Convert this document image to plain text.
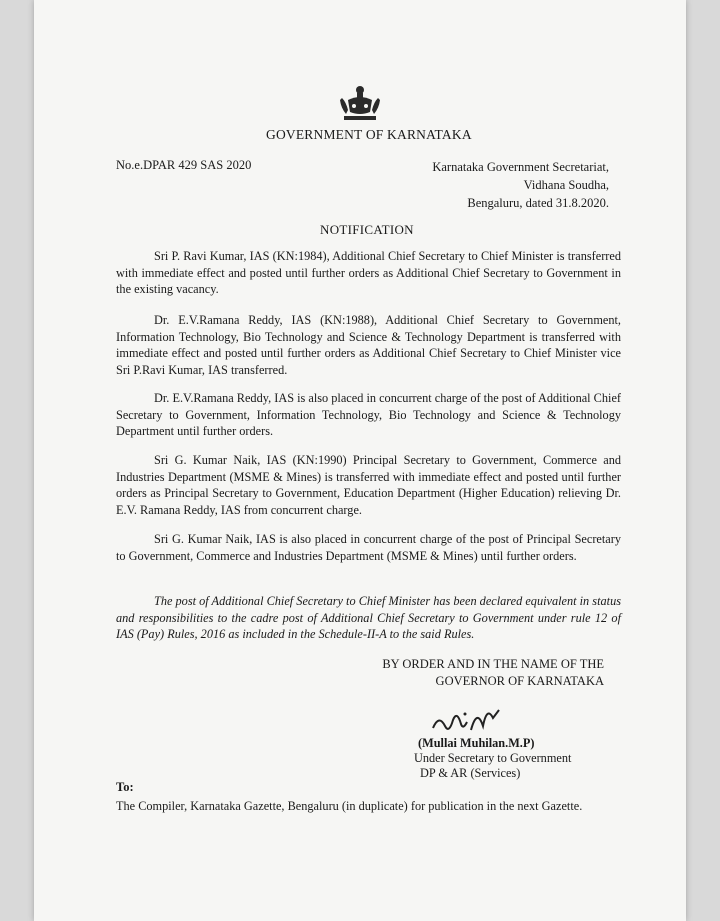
GOVERNMENT OF KARNATAKA
No.e.DPAR 429 SAS 2020	Karnataka Government Secretariat,
Vidhana Soudha,
Bengaluru, dated 31.8.2020.
NOTIFICATION
Sri P. Ravi Kumar, IAS (KN:1984), Additional Chief Secretary to Chief Minister is transferred with immediate effect and posted until further orders as Additional Chief Secretary to Government in the existing vacancy.
Dr. E.V.Ramana Reddy, IAS (KN:1988), Additional Chief Secretary to Government, Information Technology, Bio Technology and Science & Technology Department is transferred with immediate effect and posted until further orders as Additional Chief Secretary to Chief Minister vice Sri P.Ravi Kumar, IAS transferred.
Dr. E.V.Ramana Reddy, IAS is also placed in concurrent charge of the post of Additional Chief Secretary to Government, Information Technology, Bio Technology and Science & Technology Department until further orders.
Sri G. Kumar Naik, IAS (KN:1990) Principal Secretary to Government, Commerce and Industries Department (MSME & Mines) is transferred with immediate effect and posted until further orders as Principal Secretary to Government, Education Department (Higher Education) relieving Dr. E.V. Ramana Reddy, IAS from concurrent charge.
Sri G. Kumar Naik, IAS is also placed in concurrent charge of the post of Principal Secretary to Government, Commerce and Industries Department (MSME & Mines) until further orders.
The post of Additional Chief Secretary to Chief Minister has been declared equivalent in status and responsibilities to the cadre post of Additional Chief Secretary to Government under rule 12 of IAS (Pay) Rules, 2016 as included in the Schedule-II-A to the said Rules.
BY ORDER AND IN THE NAME OF THE
GOVERNOR OF KARNATAKA
(Mullai Muhilan.M.P)
Under Secretary to Government
DP & AR (Services)
To:
The Compiler, Karnataka Gazette, Bengaluru (in duplicate) for publication in the next Gazette.
